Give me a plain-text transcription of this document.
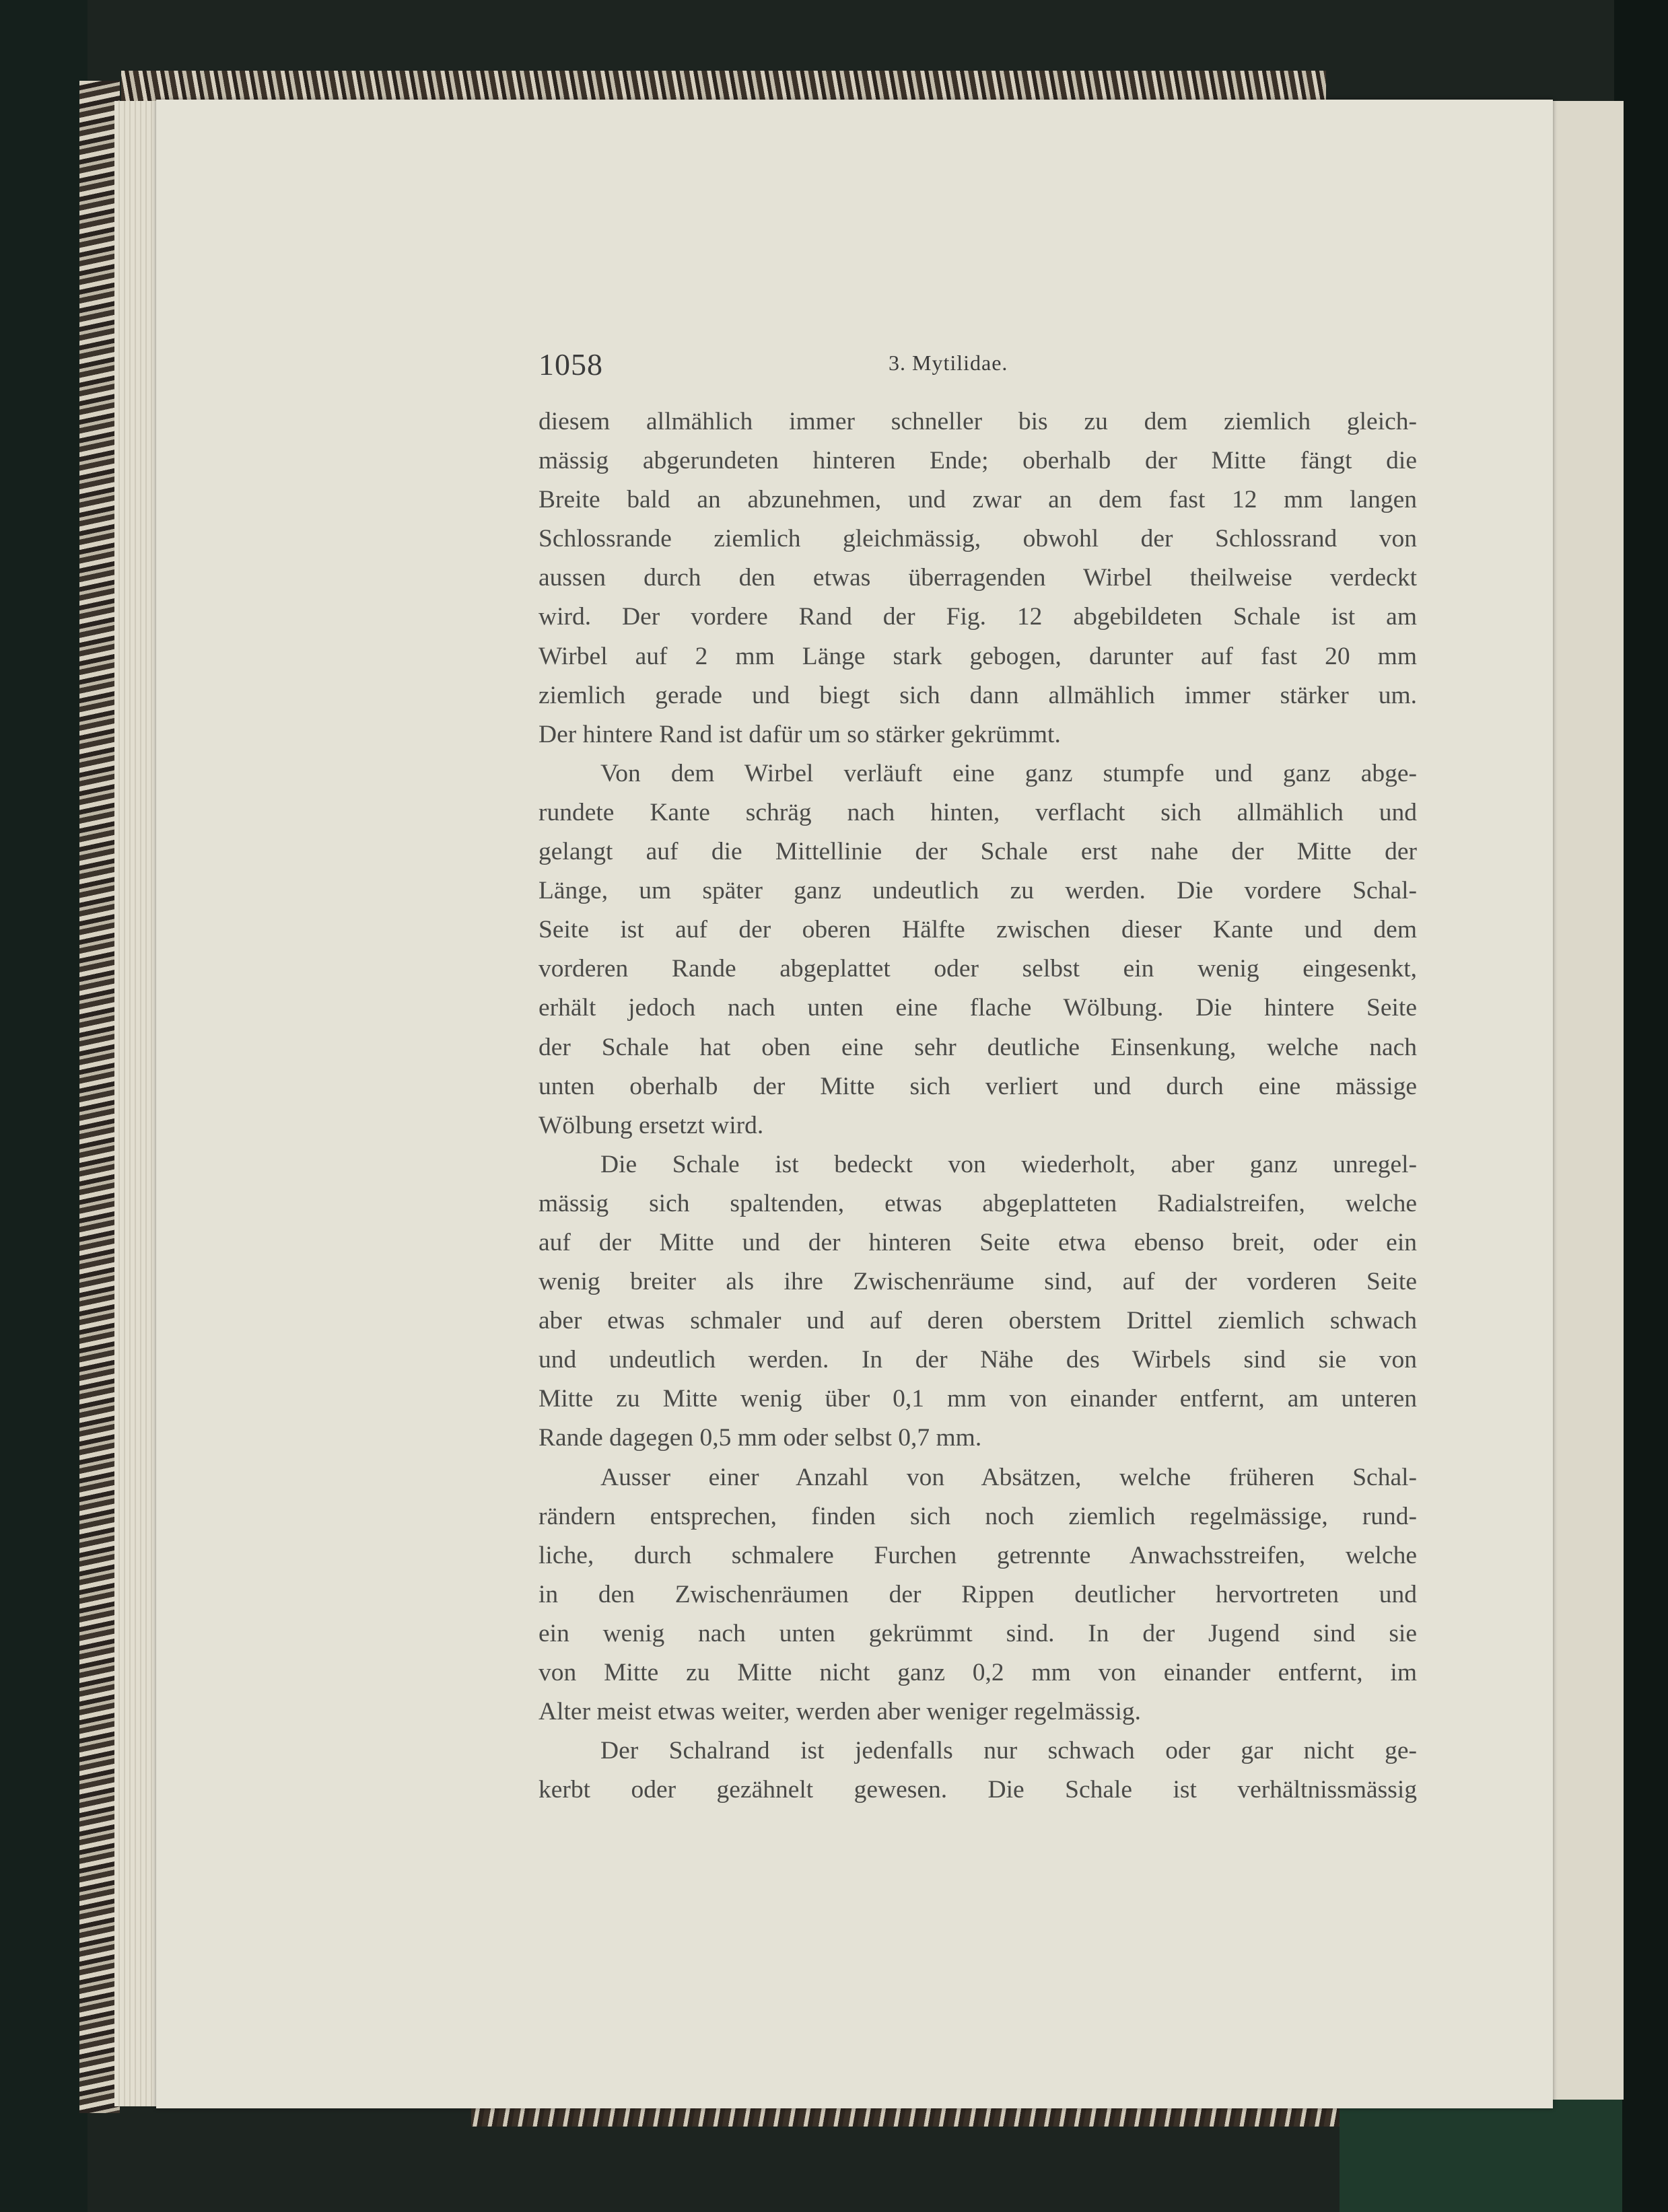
1058	3. Mytilidae.
diesem allmählich immer schneller bis zu dem ziemlich gleich-
mässig abgerundeten hinteren Ende; oberhalb der Mitte fängt die
Breite bald an abzunehmen, und zwar an dem fast 12 mm langen
Schlossrande ziemlich gleichmässig, obwohl der Schlossrand von
aussen durch den etwas überragenden Wirbel theilweise verdeckt
wird. Der vordere Rand der Fig. 12 abgebildeten Schale ist am
Wirbel auf 2 mm Länge stark gebogen, darunter auf fast 20 mm
ziemlich gerade und biegt sich dann allmählich immer stärker um.
Der hintere Rand ist dafür um so stärker gekrümmt.
Von dem Wirbel verläuft eine ganz stumpfe und ganz abge-
rundete Kante schräg nach hinten, verflacht sich allmählich und
gelangt auf die Mittellinie der Schale erst nahe der Mitte der
Länge, um später ganz undeutlich zu werden. Die vordere Schal-
Seite ist auf der oberen Hälfte zwischen dieser Kante und dem
vorderen Rande abgeplattet oder selbst ein wenig eingesenkt,
erhält jedoch nach unten eine flache Wölbung. Die hintere Seite
der Schale hat oben eine sehr deutliche Einsenkung, welche nach
unten oberhalb der Mitte sich verliert und durch eine mässige
Wölbung ersetzt wird.
Die Schale ist bedeckt von wiederholt, aber ganz unregel-
mässig sich spaltenden, etwas abgeplatteten Radialstreifen, welche
auf der Mitte und der hinteren Seite etwa ebenso breit, oder ein
wenig breiter als ihre Zwischenräume sind, auf der vorderen Seite
aber etwas schmaler und auf deren oberstem Drittel ziemlich schwach
und undeutlich werden. In der Nähe des Wirbels sind sie von
Mitte zu Mitte wenig über 0,1 mm von einander entfernt, am unteren
Rande dagegen 0,5 mm oder selbst 0,7 mm.
Ausser einer Anzahl von Absätzen, welche früheren Schal-
rändern entsprechen, finden sich noch ziemlich regelmässige, rund-
liche, durch schmalere Furchen getrennte Anwachsstreifen, welche
in den Zwischenräumen der Rippen deutlicher hervortreten und
ein wenig nach unten gekrümmt sind. In der Jugend sind sie
von Mitte zu Mitte nicht ganz 0,2 mm von einander entfernt, im
Alter meist etwas weiter, werden aber weniger regelmässig.
Der Schalrand ist jedenfalls nur schwach oder gar nicht ge-
kerbt oder gezähnelt gewesen. Die Schale ist verhältnissmässig
